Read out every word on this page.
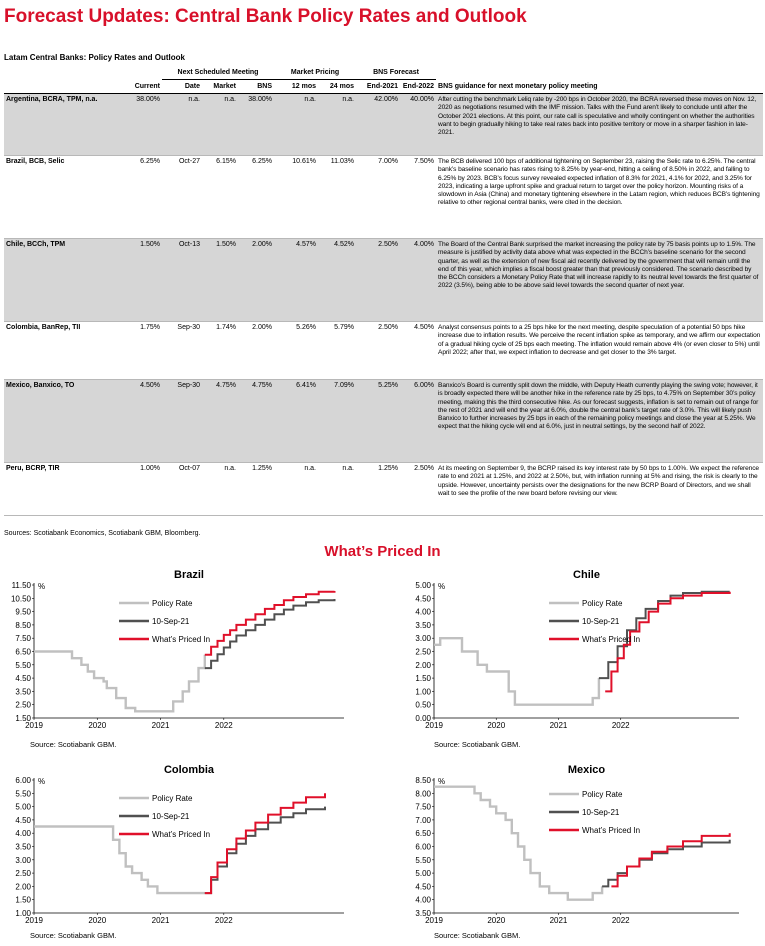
Forecast Updates: Central Bank Policy Rates and Outlook
Latam Central Banks: Policy Rates and Outlook
		Next Scheduled Meeting			Market Pricing		BNS Forecast		
	Current	Date	Market	BNS	12 mos	24 mos	End-2021	End-2022	BNS guidance for next monetary policy meeting
Argentina, BCRA, TPM, n.a.	38.00%	n.a.	n.a.	38.00%	n.a.	n.a.	42.00%	40.00%	After cutting the benchmark Leliq rate by -200 bps in October 2020, the BCRA reversed these moves on Nov. 12, 2020 as negotiations resumed with the IMF mission. Talks with the Fund aren't likely to conclude until after the October 2021 elections. At this point, our rate call is speculative and wholly contingent on whether the authorities want to begin gradually hiking to take real rates back into positive territory or move in a sharper fashion in late-2021.
Brazil, BCB, Selic	6.25%	Oct-27	6.15%	6.25%	10.61%	11.03%	7.00%	7.50%	The BCB delivered 100 bps of additional tightening on September 23, raising the Selic rate to 6.25%. The central bank’s baseline scenario has rates rising to 8.25% by year-end, hitting a ceiling of 8.50% in 2022, and falling to 6.25% by 2023. BCB’s focus survey revealed expected inflation of 8.3% for 2021, 4.1% for 2022, and 3.25% for 2023, indicating a large upfront spike and gradual return to target over the policy horizon. Mounting risks of a slowdown in Asia (China) and monetary tightening elsewhere in the Latam region, which reduces BCB’s tightening relative to other regional central banks, were cited in the decision.
Chile, BCCh, TPM	1.50%	Oct-13	1.50%	2.00%	4.57%	4.52%	2.50%	4.00%	The Board of the Central Bank surprised the market increasing the policy rate by 75 basis points up to 1.5%. The measure is justified by activity data above what was expected in the BCCh’s baseline scenario for the second quarter, as well as the extension of new fiscal aid recently delivered by the government that will remain until the end of this year, which implies a fiscal boost greater than that previously considered. The scenario described by the BCCh considers a Monetary Policy Rate that will increase rapidly to its neutral level towards the first quarter of 2022 (3.5%), being able to be above said level towards the second quarter of next year.
Colombia, BanRep, TII	1.75%	Sep-30	1.74%	2.00%	5.26%	5.79%	2.50%	4.50%	Analyst consensus points to a 25 bps hike for the next meeting, despite speculation of a potential 50 bps hike increase due to inflation results. We perceive the recent inflation spike as temporary, and we affirm our expectation of a gradual hiking cycle of 25 bps each meeting. The inflation would remain above 4% (or even closer to 5%) until April 2022; after that, we expect inflation to decrease and get closer to the 3% target.
Mexico, Banxico, TO	4.50%	Sep-30	4.75%	4.75%	6.41%	7.09%	5.25%	6.00%	Banxico’s Board is currently split down the middle, with Deputy Heath currently playing the swing vote; however, it is broadly expected there will be another hike in the reference rate by 25 bps, to 4.75% on September 30’s policy meeting, making this the third consecutive hike. As our forecast suggests, inflation is set to remain out of range for the rest of 2021 and will end the year at 6.0%, double the central bank’s target rate of 3.0%. This will likely push Banxico to further increases by 25 bps in each of the remaining policy meetings and close the year at 5.25%. We expect that the hiking cycle will end at 6.0%, just in neutral settings, by the second half of 2022.
Peru, BCRP, TIR	1.00%	Oct-07	n.a.	1.25%	n.a.	n.a.	1.25%	2.50%	At its meeting on September 9, the BCRP raised its key interest rate by 50 bps to 1.00%. We expect the reference rate to end 2021 at 1.25%, and 2022 at 2.50%, but, with inflation running at 5% and rising, the risk is clearly to the upside. However, uncertainty persists over the designations for the new BCRP Board of Directors, and we shall wait to see the profile of the new board before revising our view.
Sources: Scotiabank Economics, Scotiabank GBM, Bloomberg.
What’s Priced In
Brazil
%
11.50
10.50
9.50
8.50
7.50
6.50
5.50
4.50
3.50
2.50
1.50
2019	2020	2021	2022
Policy Rate
10-Sep-21
What’s Priced In
Source: Scotiabank GBM.
Chile
%
5.00
4.50
4.00
3.50
3.00
2.50
2.00
1.50
1.00
0.50
0.00
2019	2020	2021	2022
Policy Rate
10-Sep-21
What’s Priced In
Source: Scotiabank GBM.
Colombia
%
6.00
5.50
5.00
4.50
4.00
3.50
3.00
2.50
2.00
1.50
1.00
2019	2020	2021	2022
Policy Rate
10-Sep-21
What’s Priced In
Source: Scotiabank GBM.
Mexico
%
8.50
8.00
7.50
7.00
6.50
6.00
5.50
5.00
4.50
4.00
3.50
2019	2020	2021	2022
Policy Rate
10-Sep-21
What’s Priced In
Source: Scotiabank GBM.
